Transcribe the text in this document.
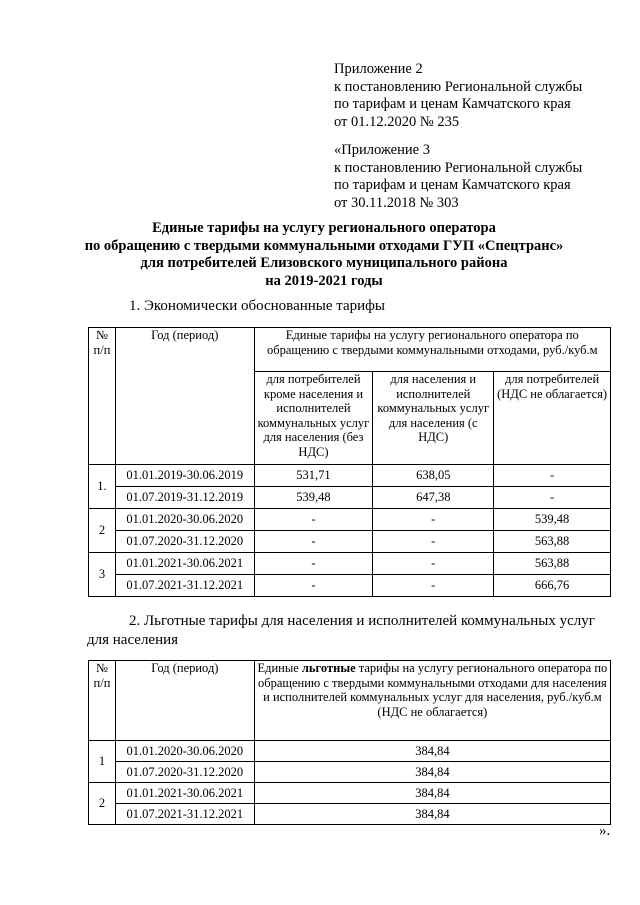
Приложение 2
к постановлению Региональной службы
по тарифам и ценам Камчатского края
от 01.12.2020 № 235
«Приложение 3
к постановлению Региональной службы
по тарифам и ценам Камчатского края
от 30.11.2018 № 303
Единые тарифы на услугу регионального оператора
по обращению с твердыми коммунальными отходами ГУП «Спецтранс»
для потребителей Елизовского муниципального района
на 2019-2021 годы
1. Экономически обоснованные тарифы
№ п/п	Год (период)	Единые тарифы на услугу регионального оператора по обращению с твердыми коммунальными отходами, руб./куб.м		
		для потребителей кроме населения и исполнителей коммунальных услуг для населения (без НДС)	для населения и исполнителей коммунальных услуг для населения (с НДС)	для потребителей (НДС не облагается)
1.	01.01.2019-30.06.2019	531,71	638,05	-
	01.07.2019-31.12.2019	539,48	647,38	-
2	01.01.2020-30.06.2020	-	-	539,48
	01.07.2020-31.12.2020	-	-	563,88
3	01.01.2021-30.06.2021	-	-	563,88
	01.07.2021-31.12.2021	-	-	666,76
2. Льготные тарифы для населения и исполнителей коммунальных услуг
для населения
№ п/п	Год (период)	Единые льготные тарифы на услугу регионального оператора по обращению с твердыми коммунальными отходами для населения и исполнителей коммунальных услуг для населения, руб./куб.м (НДС не облагается)
1	01.01.2020-30.06.2020	384,84
	01.07.2020-31.12.2020	384,84
2	01.01.2021-30.06.2021	384,84
	01.07.2021-31.12.2021	384,84
».
